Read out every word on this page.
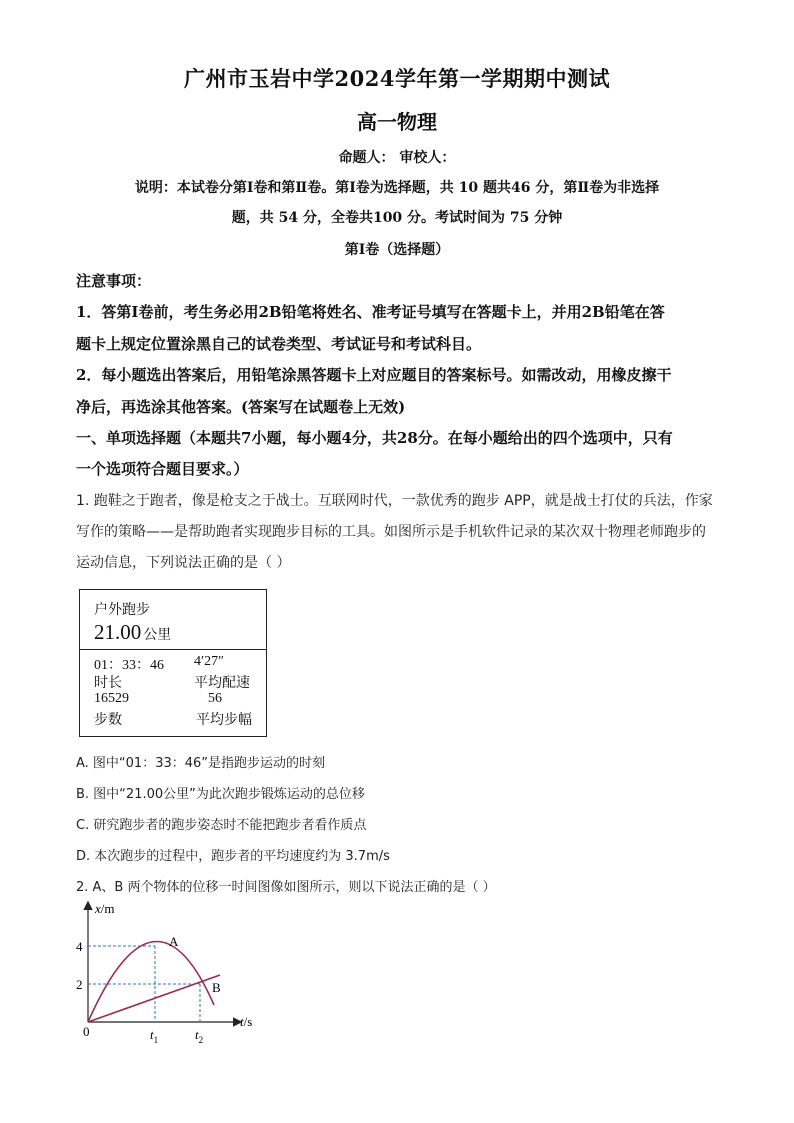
广州市玉岩中学2024学年第一学期期中测试
高一物理
命题人： 审校人：
说明：本试卷分第Ⅰ卷和第Ⅱ卷。第Ⅰ卷为选择题，共 10 题共46 分，第Ⅱ卷为非选择
题，共 54 分，全卷共100 分。考试时间为 75 分钟
第Ⅰ卷（选择题）
注意事项：
1．答第Ⅰ卷前，考生务必用2B铅笔将姓名、准考证号填写在答题卡上，并用2B铅笔在答
题卡上规定位置涂黑自己的试卷类型、考试证号和考试科目。
2．每小题选出答案后，用铅笔涂黑答题卡上对应题目的答案标号。如需改动，用橡皮擦干
净后，再选涂其他答案。(答案写在试题卷上无效)
一、单项选择题（本题共7小题，每小题4分，共28分。在每小题给出的四个选项中，只有
一个选项符合题目要求。）
1. 跑鞋之于跑者，像是枪支之于战士。互联网时代，一款优秀的跑步 APP，就是战士打仗的兵法，作家
写作的策略——是帮助跑者实现跑步目标的工具。如图所示是手机软件记录的某次双十物理老师跑步的
运动信息，下列说法正确的是（ ）
户外跑步
21.00 公里
01：33：46 4′27″
时长	平均配速
16529	56
步数	平均步幅
A. 图中“01：33：46”是指跑步运动的时刻
B. 图中“21.00公里”为此次跑步锻炼运动的总位移
C. 研究跑步者的跑步姿态时不能把跑步者看作质点
D. 本次跑步的过程中，跑步者的平均速度约为 3.7m/s
2. A、B 两个物体的位移一时间图像如图所示，则以下说法正确的是（ ）
x/m
t/s
0
4
2
$t_1$	$t_2$
A
B
